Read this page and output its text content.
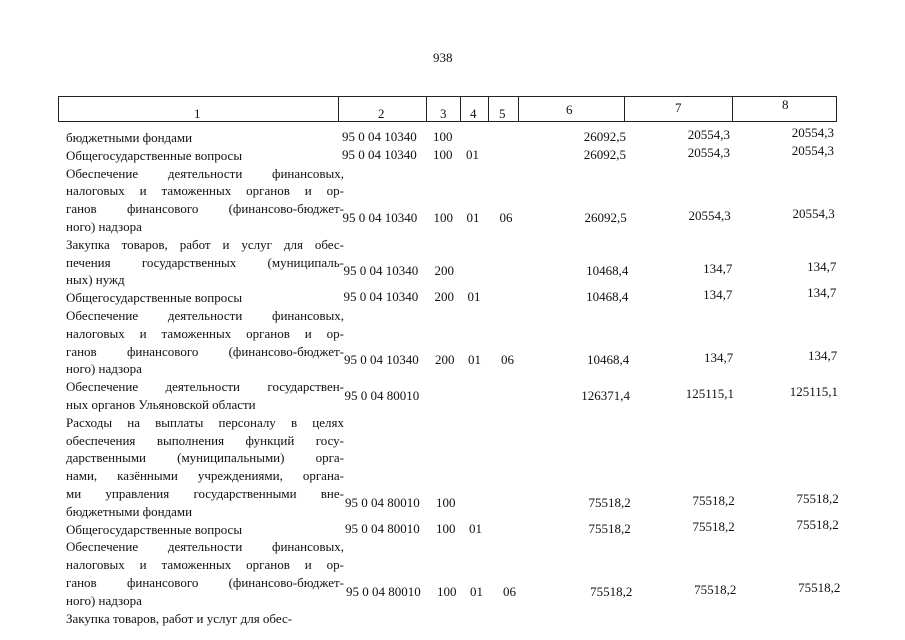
938
1	2	3 4 5	6	7	8
бюджетными фондами	95 0 04 10340 100	26092,5	20554,3	20554,3
Общегосударственные вопросы	95 0 04 10340 100 01	26092,5	20554,3	20554,3
Обеспечение деятельности финансовых,
налоговых и таможенных органов и ор-
ганов финансового (финансово-бюджет-
ного) надзора
95 0 04 10340 100 01 06	26092,5	20554,3	20554,3
Закупка товаров, работ и услуг для обес-
печения государственных (муниципаль-
ных) нужд
95 0 04 10340 200	10468,4	134,7	134,7
Общегосударственные вопросы	95 0 04 10340 200 01	10468,4	134,7	134,7
Обеспечение деятельности финансовых,
налоговых и таможенных органов и ор-
ганов финансового (финансово-бюджет-
ного) надзора
95 0 04 10340 200 01 06	10468,4	134,7	134,7
Обеспечение деятельности государствен-
ных органов Ульяновской области
95 0 04 80010	126371,4	125115,1	125115,1
Расходы на выплаты персоналу в целях
обеспечения выполнения функций госу-
дарственными (муниципальными) орга-
нами, казёнными учреждениями, органа-
ми управления государственными вне-
бюджетными фондами
95 0 04 80010 100	75518,2	75518,2	75518,2
Общегосударственные вопросы	95 0 04 80010 100 01	75518,2	75518,2	75518,2
Обеспечение деятельности финансовых,
налоговых и таможенных органов и ор-
ганов финансового (финансово-бюджет-
ного) надзора
95 0 04 80010 100 01 06	75518,2	75518,2	75518,2
Закупка товаров, работ и услуг для обес-
